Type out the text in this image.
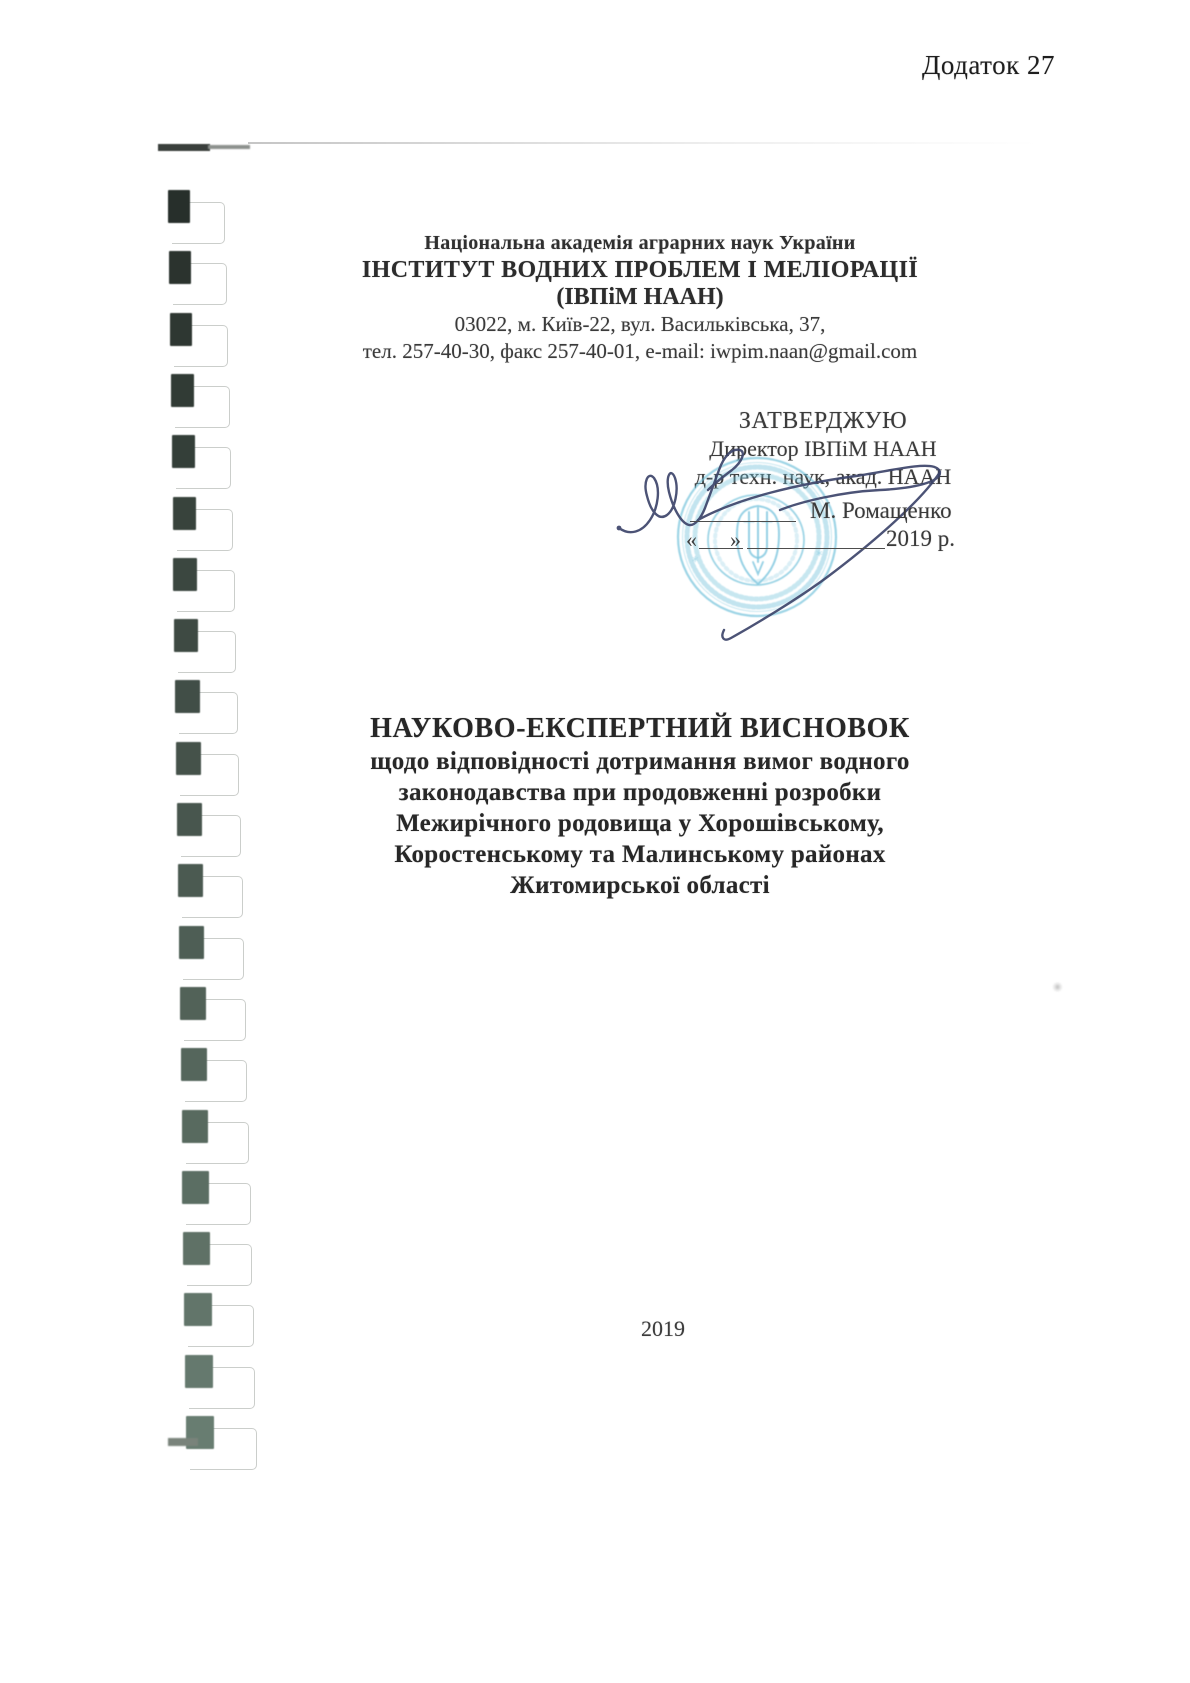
Додаток 27
Національна академія аграрних наук України
ІНСТИТУТ ВОДНИХ ПРОБЛЕМ І МЕЛІОРАЦІЇ
(ІВПіМ НААН)
03022, м. Київ-22, вул. Васильківська, 37,
тел. 257-40-30, факс 257-40-01, e-mail: iwpim.naan@gmail.com
ЗАТВЕРДЖУЮ
Директор ІВПіМ НААН
д-р техн. наук, акад. НААН
*	*
М. Ромащенко
« »	2019 р.
НАУКОВО-ЕКСПЕРТНИЙ ВИСНОВОК
щодо відповідності дотримання вимог водного
законодавства при продовженні розробки
Межирічного родовища у Хорошівському,
Коростенському та Малинському районах
Житомирської області
2019
